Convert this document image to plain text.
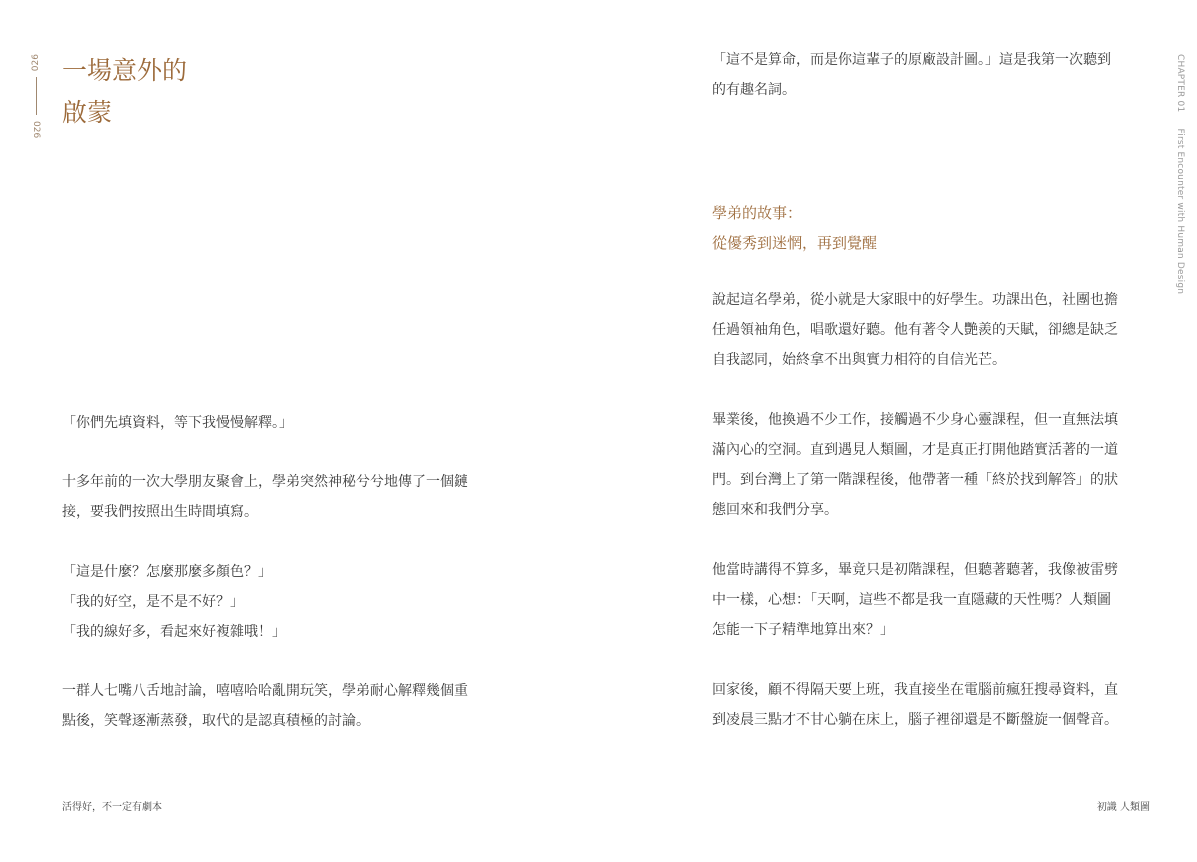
026
026
一場意外的
啟蒙

「你們先填資料，等下我慢慢解釋。」

十多年前的一次大學朋友聚會上，學弟突然神秘兮兮地傳了一個鏈
接，要我們按照出生時間填寫。

「這是什麼？怎麼那麼多顏色？」
「我的好空，是不是不好？」
「我的線好多，看起來好複雜哦！」

一群人七嘴八舌地討論，嘻嘻哈哈亂開玩笑，學弟耐心解釋幾個重
點後，笑聲逐漸蒸發，取代的是認真積極的討論。

活得好，不一定有劇本

CHAPTER 01  First Encounter with Human Design

「這不是算命，而是你這輩子的原廠設計圖。」這是我第一次聽到
的有趣名詞。

學弟的故事：
從優秀到迷惘，再到覺醒

說起這名學弟，從小就是大家眼中的好學生。功課出色，社團也擔
任過領袖角色，唱歌還好聽。他有著令人艷羨的天賦，卻總是缺乏
自我認同，始終拿不出與實力相符的自信光芒。

畢業後，他換過不少工作，接觸過不少身心靈課程，但一直無法填
滿內心的空洞。直到遇見人類圖，才是真正打開他踏實活著的一道
門。到台灣上了第一階課程後，他帶著一種「終於找到解答」的狀
態回來和我們分享。

他當時講得不算多，畢竟只是初階課程，但聽著聽著，我像被雷劈
中一樣，心想：「天啊，這些不都是我一直隱藏的天性嗎？人類圖
怎能一下子精準地算出來？」

回家後，顧不得隔天要上班，我直接坐在電腦前瘋狂搜尋資料，直
到凌晨三點才不甘心躺在床上，腦子裡卻還是不斷盤旋一個聲音。

初識 人類圖
